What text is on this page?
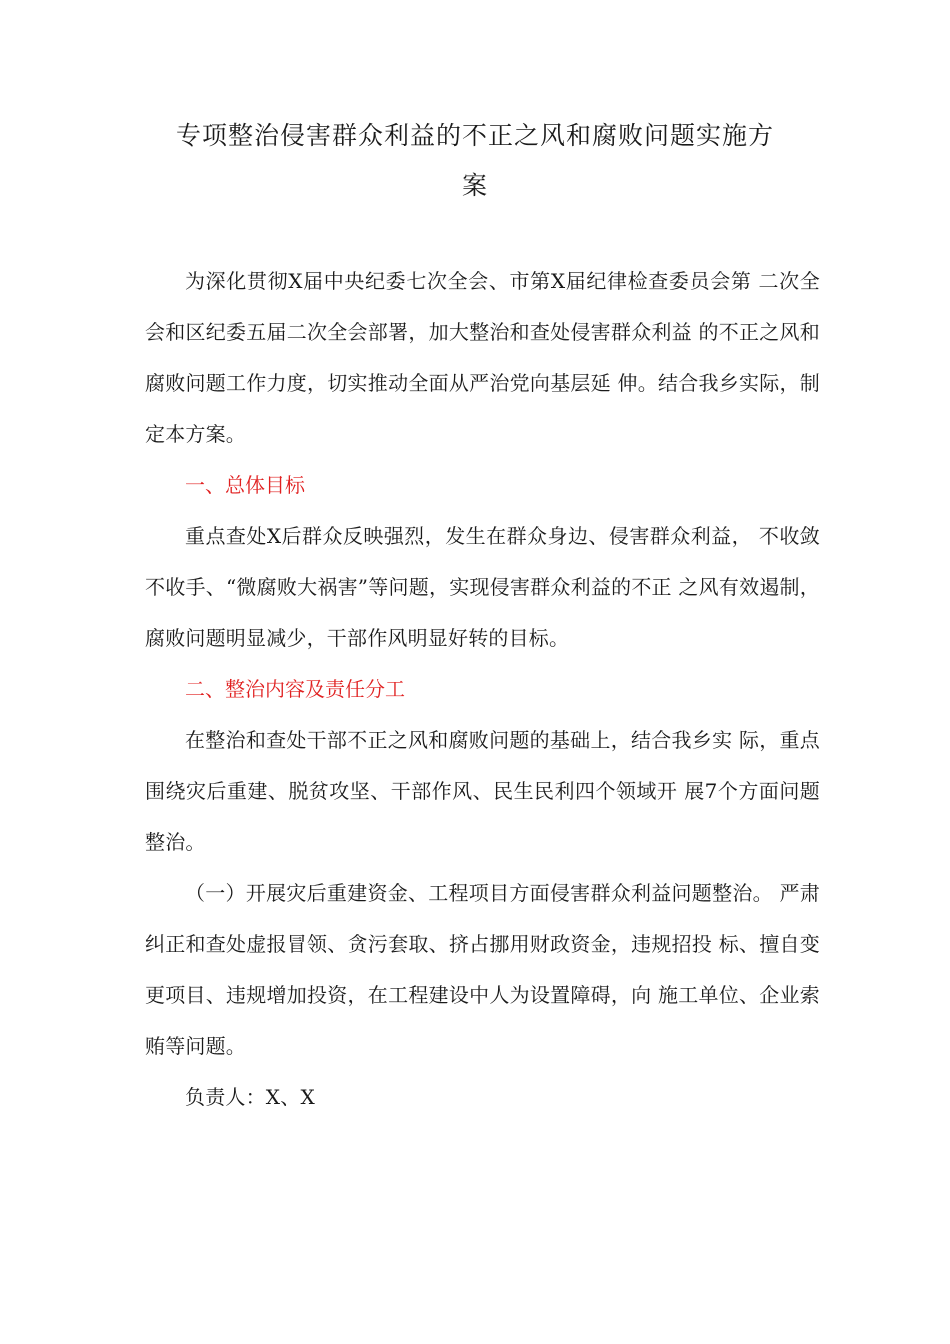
专项整治侵害群众利益的不正之风和腐败问题实施方
案

为深化贯彻X届中央纪委七次全会、市第X届纪律检查委员会第 二次全会和区纪委五届二次全会部署，加大整治和查处侵害群众利益 的不正之风和腐败问题工作力度，切实推动全面从严治党向基层延 伸。结合我乡实际，制定本方案。

一、总体目标

重点查处X后群众反映强烈，发生在群众身边、侵害群众利益， 不收敛不收手、“微腐败大祸害”等问题，实现侵害群众利益的不正 之风有效遏制，腐败问题明显减少，干部作风明显好转的目标。

二、整治内容及责任分工

在整治和查处干部不正之风和腐败问题的基础上，结合我乡实 际，重点围绕灾后重建、脱贫攻坚、干部作风、民生民利四个领域开 展7个方面问题整治。

（一）开展灾后重建资金、工程项目方面侵害群众利益问题整治。 严肃纠正和查处虚报冒领、贪污套取、挤占挪用财政资金，违规招投 标、擅自变更项目、违规增加投资，在工程建设中人为设置障碍，向 施工单位、企业索贿等问题。

负责人：X、X
